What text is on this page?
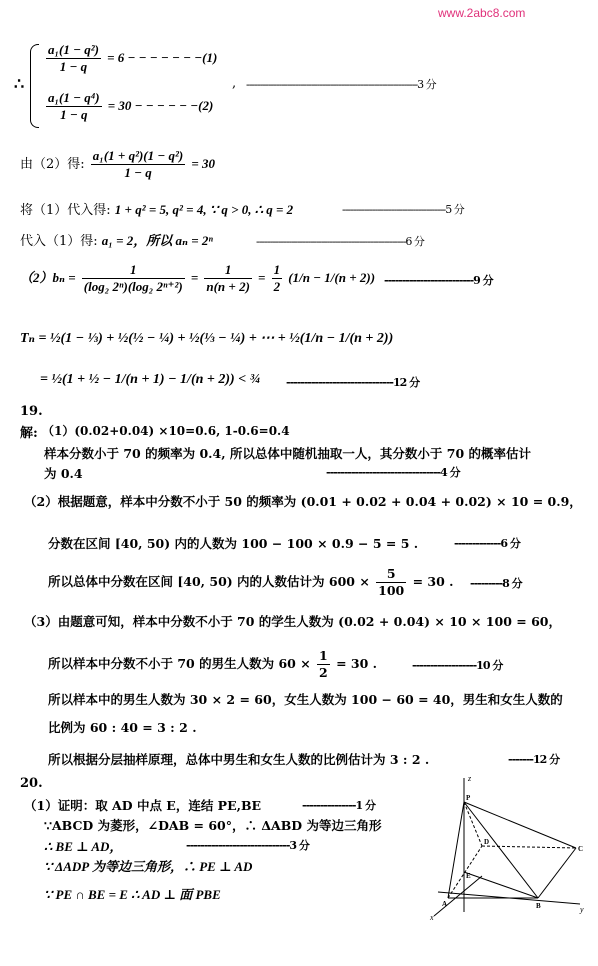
www.2abc8.com
∴
$\frac{\text{a₁(1 − q²)}}{1 - q} = 6$ − − − − − − −(1)
$\frac{\text{a₁(1 − q⁴)}}{1 - q} = 30$ − − − − − −(2)
, ---------------------------------------------------------------3 分
由（2）得: $\frac{\text{a₁(1 + q²)(1 − q²)}}{1 - q} = 30$
将（1）代入得: 1 + q² = 5, q² = 4, ∵ q > 0, ∴ q = 2	--------------------------------------5 分
代入（1）得: a₁ = 2，所以 aₙ = 2ⁿ	-------------------------------------------------------6 分
$(2)b_n = \frac{1}{\text{(log₂ 2ⁿ)(log₂ 2ⁿ⁺²)}} = \frac{1}{n(n + 2)} = \frac{1}{2} (1/n - 1/(n + 2))$ -------------------------9 分
Tₙ = ½(1 − ⅓) + ½(½ − ¼) + ½(⅓ − ¼) + ⋯ + ½(1/n − 1/(n + 2))
= ½(1 + ½ − 1/(n + 1) − 1/(n + 2)) < ¾ ------------------------------12 分
19.
解: （1）(0.02+0.04) ×10=0.6, 1-0.6=0.4
样本分数小于 70 的频率为 0.4, 所以总体中随机抽取一人，其分数小于 70 的概率估计
为 0.4	--------------------------------4 分
（2）根据题意，样本中分数不小于 50 的频率为 (0.01 + 0.02 + 0.04 + 0.02) × 10 = 0.9，
分数在区间 [40, 50) 内的人数为 100 − 100 × 0.9 − 5 = 5 .	-------------6 分
所以总体中分数在区间 [40, 50) 内的人数估计为 $600 \times \frac{5}{100} = 30$ . ---------8 分
（3）由题意可知，样本中分数不小于 70 的学生人数为 (0.02 + 0.04) × 10 × 100 = 60，
所以样本中分数不小于 70 的男生人数为 $60 \times \frac{1}{2} = 30$ .	------------------10 分
所以样本中的男生人数为 30 × 2 = 60，女生人数为 100 − 60 = 40，男生和女生人数的
比例为 60 : 40 = 3 : 2 .
所以根据分层抽样原理，总体中男生和女生人数的比例估计为 3 : 2 .	-------12 分
20.
（1）证明：取 AD 中点 E，连结 PE,BE	---------------1 分
∵ABCD 为菱形，∠DAB = 60°，∴ ΔABD 为等边三角形
∴ BE ⊥ AD，	-----------------------------3 分
∵ ΔADP 为等边三角形，∴ PE ⊥ AD
∵ PE ∩ BE = E ∴ AD ⊥ 面 PBE
z
P
D
C
E
A	B
x
y
